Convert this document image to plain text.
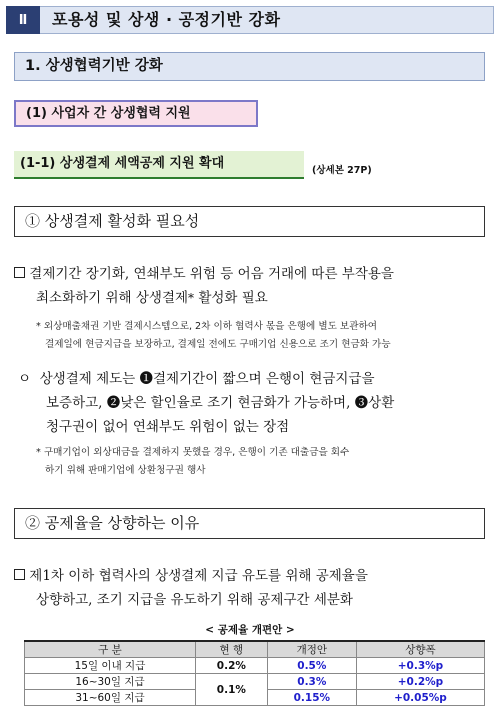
Ⅱ	포용성 및 상생 · 공정기반 강화
1. 상생협력기반 강화
(1) 사업자 간 상생협력 지원
(1-1) 상생결제 세액공제 지원 확대	(상세본 27P)
① 상생결제 활성화 필요성
결제기간 장기화, 연쇄부도 위험 등 어음 거래에 따른 부작용을
최소화하기 위해 상생결제* 활성화 필요
* 외상매출채권 기반 결제시스템으로, 2차 이하 협력사 몫을 은행에 별도 보관하여
결제일에 현금지급을 보장하고, 결제일 전에도 구매기업 신용으로 조기 현금화 가능
ㅇ 상생결제 제도는 ❶결제기간이 짧으며 은행이 현금지급을
보증하고, ❷낮은 할인율로 조기 현금화가 가능하며, ❸상환
청구권이 없어 연쇄부도 위험이 없는 장점
* 구매기업이 외상대금을 결제하지 못했을 경우, 은행이 기존 대출금을 회수
하기 위해 판매기업에 상환청구권 행사
② 공제율을 상향하는 이유
제1차 이하 협력사의 상생결제 지급 유도를 위해 공제율을
상향하고, 조기 지급을 유도하기 위해 공제구간 세분화
< 공제율 개편안 >
구 분	현 행	개정안	상향폭
15일 이내 지급	0.2%	0.5%	+0.3%p
16~30일 지급	0.1%	0.3%	+0.2%p
31~60일 지급		0.15%	+0.05%p
